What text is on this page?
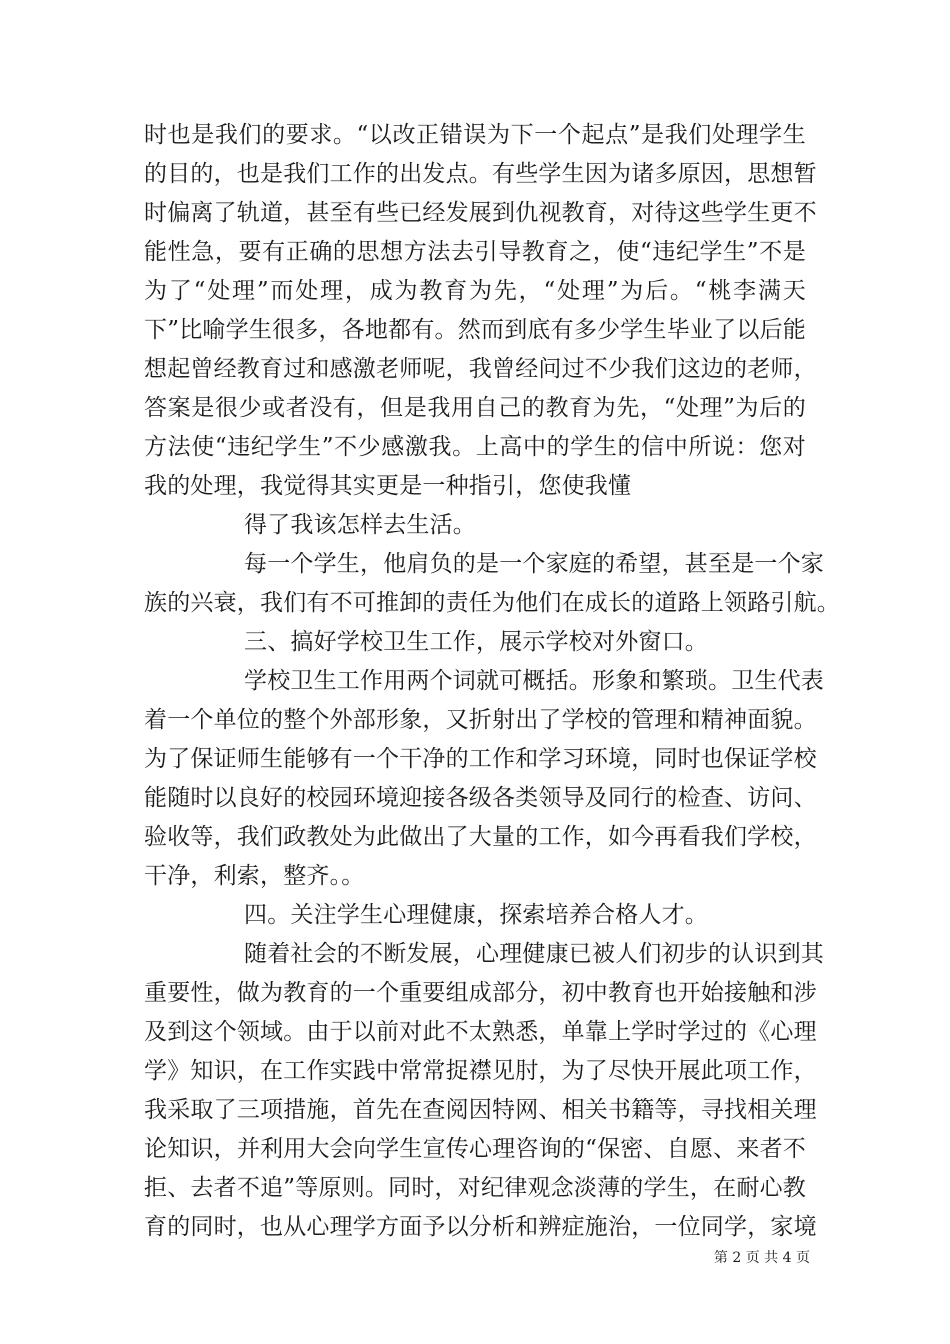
时也是我们的要求。“以改正错误为下一个起点”是我们处理学生
的目的，也是我们工作的出发点。有些学生因为诸多原因，思想暂
时偏离了轨道，甚至有些已经发展到仇视教育，对待这些学生更不
能性急，要有正确的思想方法去引导教育之，使“违纪学生”不是
为了“处理”而处理，成为教育为先，“处理”为后。“桃李满天
下”比喻学生很多，各地都有。然而到底有多少学生毕业了以后能
想起曾经教育过和感激老师呢，我曾经问过不少我们这边的老师，
答案是很少或者没有，但是我用自己的教育为先，“处理”为后的
方法使“违纪学生”不少感激我。上高中的学生的信中所说：您对
我的处理，我觉得其实更是一种指引，您使我懂
得了我该怎样去生活。
每一个学生，他肩负的是一个家庭的希望，甚至是一个家
族的兴衰，我们有不可推卸的责任为他们在成长的道路上领路引航。
三、搞好学校卫生工作，展示学校对外窗口。
学校卫生工作用两个词就可概括。形象和繁琐。卫生代表
着一个单位的整个外部形象，又折射出了学校的管理和精神面貌。
为了保证师生能够有一个干净的工作和学习环境，同时也保证学校
能随时以良好的校园环境迎接各级各类领导及同行的检查、访问、
验收等，我们政教处为此做出了大量的工作，如今再看我们学校，
干净，利索，整齐。。
四。关注学生心理健康，探索培养合格人才。
随着社会的不断发展，心理健康已被人们初步的认识到其
重要性，做为教育的一个重要组成部分，初中教育也开始接触和涉
及到这个领域。由于以前对此不太熟悉，单靠上学时学过的《心理
学》知识，在工作实践中常常捉襟见肘，为了尽快开展此项工作，
我采取了三项措施，首先在查阅因特网、相关书籍等，寻找相关理
论知识，并利用大会向学生宣传心理咨询的“保密、自愿、来者不
拒、去者不追”等原则。同时，对纪律观念淡薄的学生，在耐心教
育的同时，也从心理学方面予以分析和辨症施治，一位同学，家境
第 2 页 共 4 页
